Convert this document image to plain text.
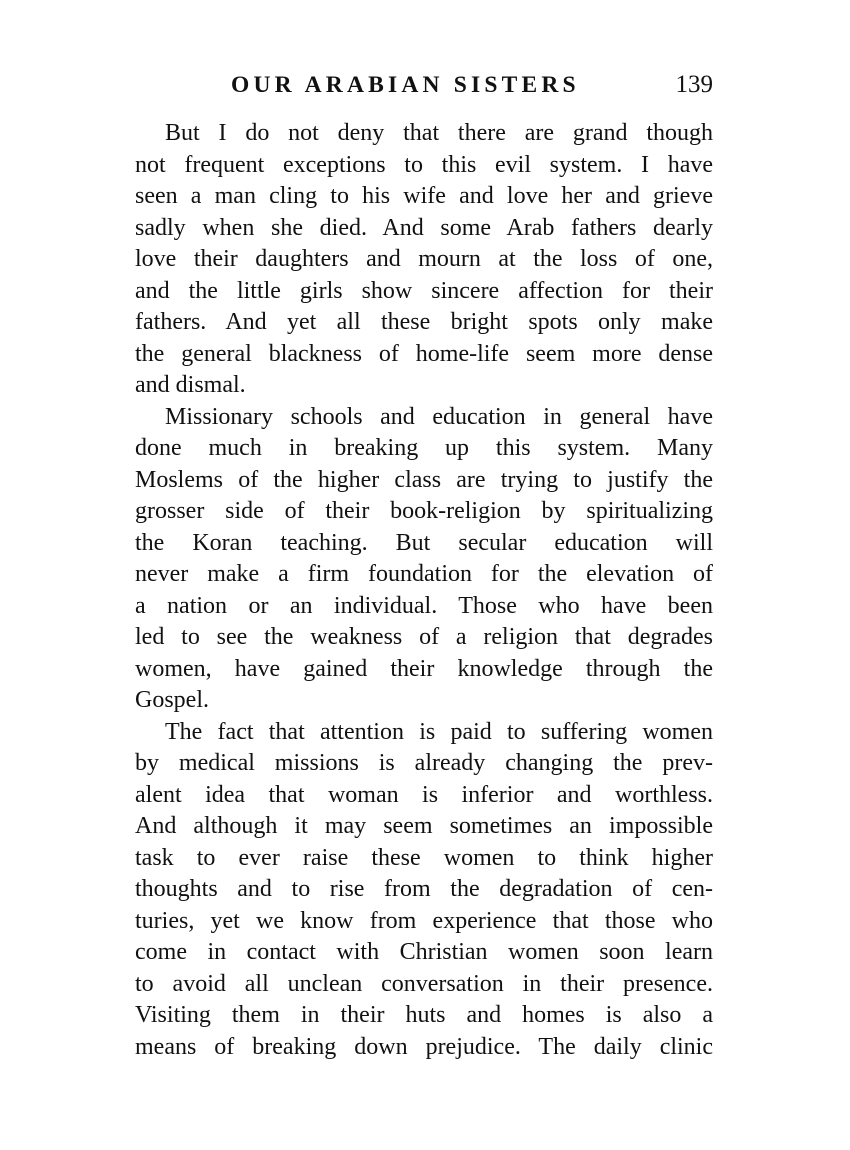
OUR ARABIAN SISTERS	139

But I do not deny that there are grand though
not frequent exceptions to this evil system. I have
seen a man cling to his wife and love her and grieve
sadly when she died. And some Arab fathers dearly
love their daughters and mourn at the loss of one,
and the little girls show sincere affection for their
fathers. And yet all these bright spots only make
the general blackness of home-life seem more dense
and dismal.

Missionary schools and education in general have
done much in breaking up this system. Many
Moslems of the higher class are trying to justify the
grosser side of their book-religion by spiritualizing
the Koran teaching. But secular education will
never make a firm foundation for the elevation of
a nation or an individual. Those who have been
led to see the weakness of a religion that degrades
women, have gained their knowledge through the
Gospel.

The fact that attention is paid to suffering women
by medical missions is already changing the prev-
alent idea that woman is inferior and worthless.
And although it may seem sometimes an impossible
task to ever raise these women to think higher
thoughts and to rise from the degradation of cen-
turies, yet we know from experience that those who
come in contact with Christian women soon learn
to avoid all unclean conversation in their presence.
Visiting them in their huts and homes is also a
means of breaking down prejudice. The daily clinic
